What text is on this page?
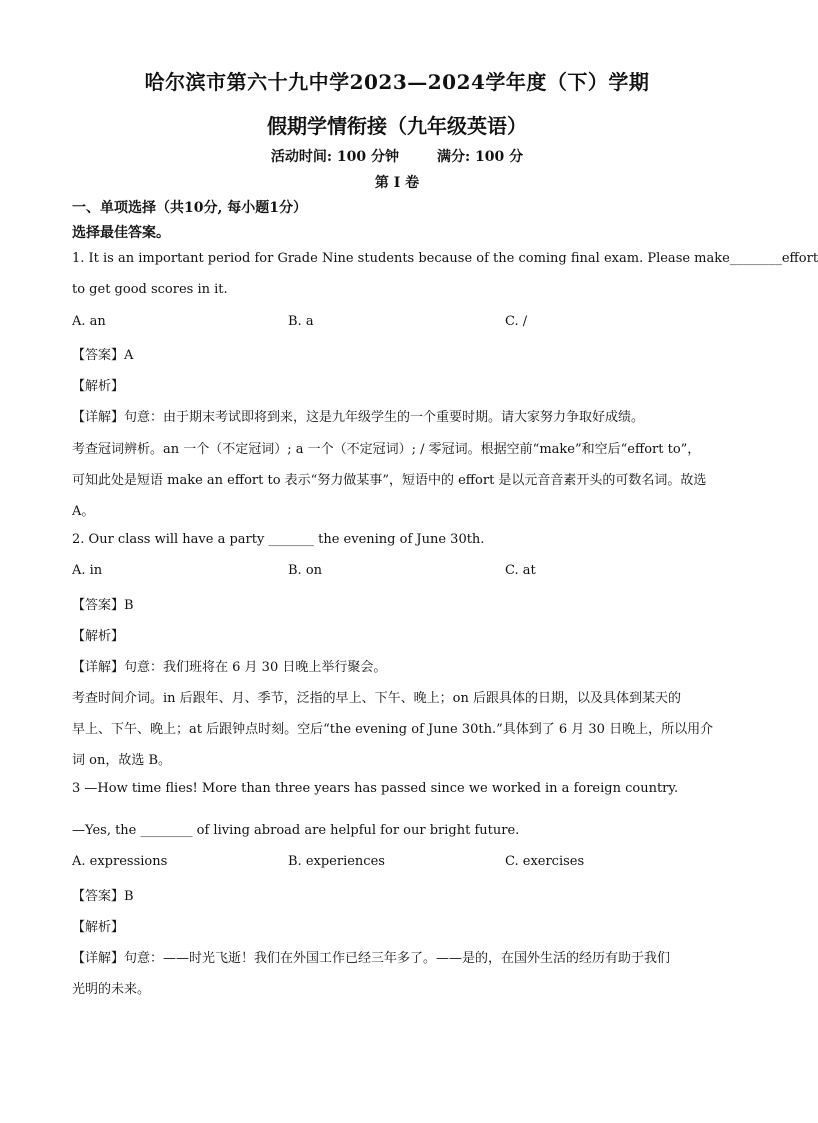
哈尔滨市第六十九中学2023—2024学年度（下）学期
假期学情衔接（九年级英语）
活动时间: 100 分钟	满分: 100 分
第 I 卷
一、单项选择（共10分, 每小题1分）
选择最佳答案。
1. It is an important period for Grade Nine students because of the coming final exam. Please make________ effort
to get good scores in it.
A. an	B. a	C. /
【答案】A
【解析】
【详解】句意：由于期末考试即将到来，这是九年级学生的一个重要时期。请大家努力争取好成绩。
考查冠词辨析。an 一个（不定冠词）; a 一个（不定冠词）; / 零冠词。根据空前“make”和空后“effort to”，
可知此处是短语 make an effort to 表示“努力做某事”，短语中的 effort 是以元音音素开头的可数名词。故选
A。
2. Our class will have a party _______ the evening of June 30th.
A. in	B. on	C. at
【答案】B
【解析】
【详解】句意：我们班将在 6 月 30 日晚上举行聚会。
考查时间介词。in 后跟年、月、季节，泛指的早上、下午、晚上；on 后跟具体的日期，以及具体到某天的
早上、下午、晚上；at 后跟钟点时刻。空后“the evening of June 30th.”具体到了 6 月 30 日晚上，所以用介
词 on，故选 B。
3 —How time flies! More than three years has passed since we worked in a foreign country.
—Yes, the ________ of living abroad are helpful for our bright future.
A. expressions	B. experiences	C. exercises
【答案】B
【解析】
【详解】句意：——时光飞逝！我们在外国工作已经三年多了。——是的，在国外生活的经历有助于我们
光明的未来。
